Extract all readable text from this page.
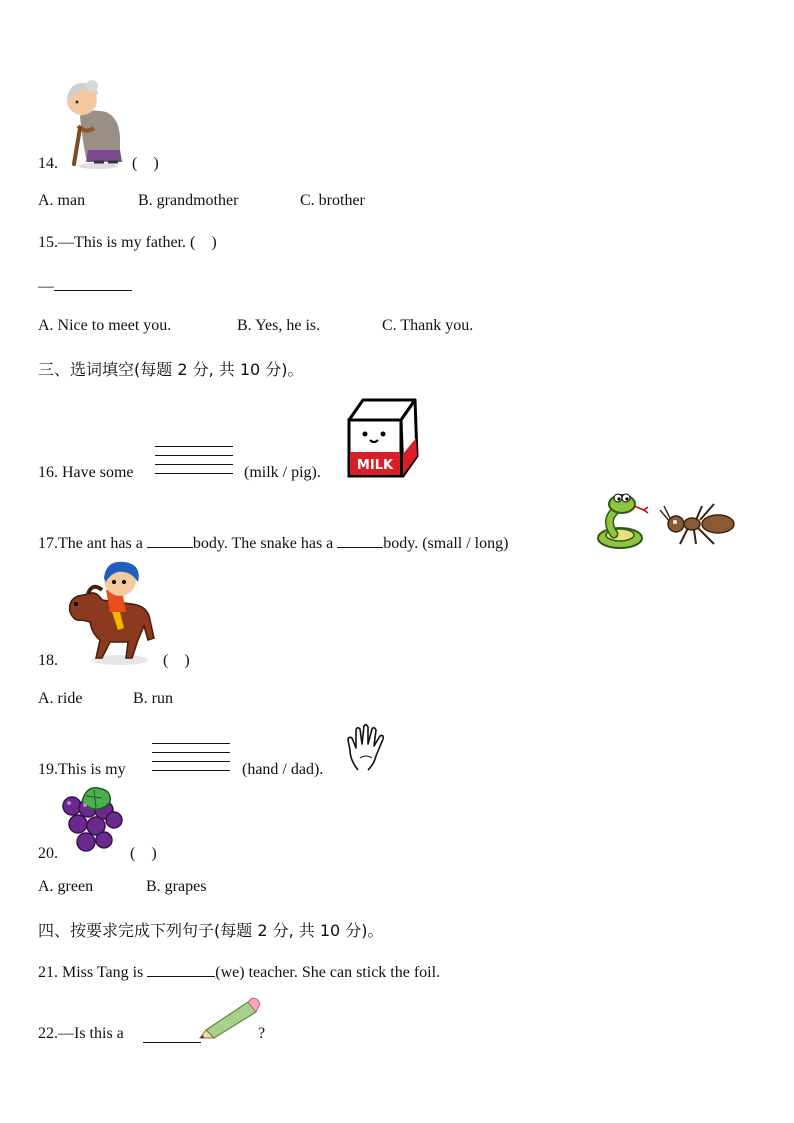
14.	( )
A. man	B. grandmother	C. brother
15.—This is my father. ( )
—
A. Nice to meet you.	B. Yes, he is.	C. Thank you.
三、选词填空(每题 2 分, 共 10 分)。
16. Have some	(milk / pig).	MILK
17.The ant has a	body. The snake has a	body. (small / long)
18.	( )
A. ride	B. run
19.This is my	(hand / dad).
20.	( )
A. green	B. grapes
四、按要求完成下列句子(每题 2 分, 共 10 分)。
21. Miss Tang is	(we) teacher. She can stick the foil.
22.—Is this a	?
